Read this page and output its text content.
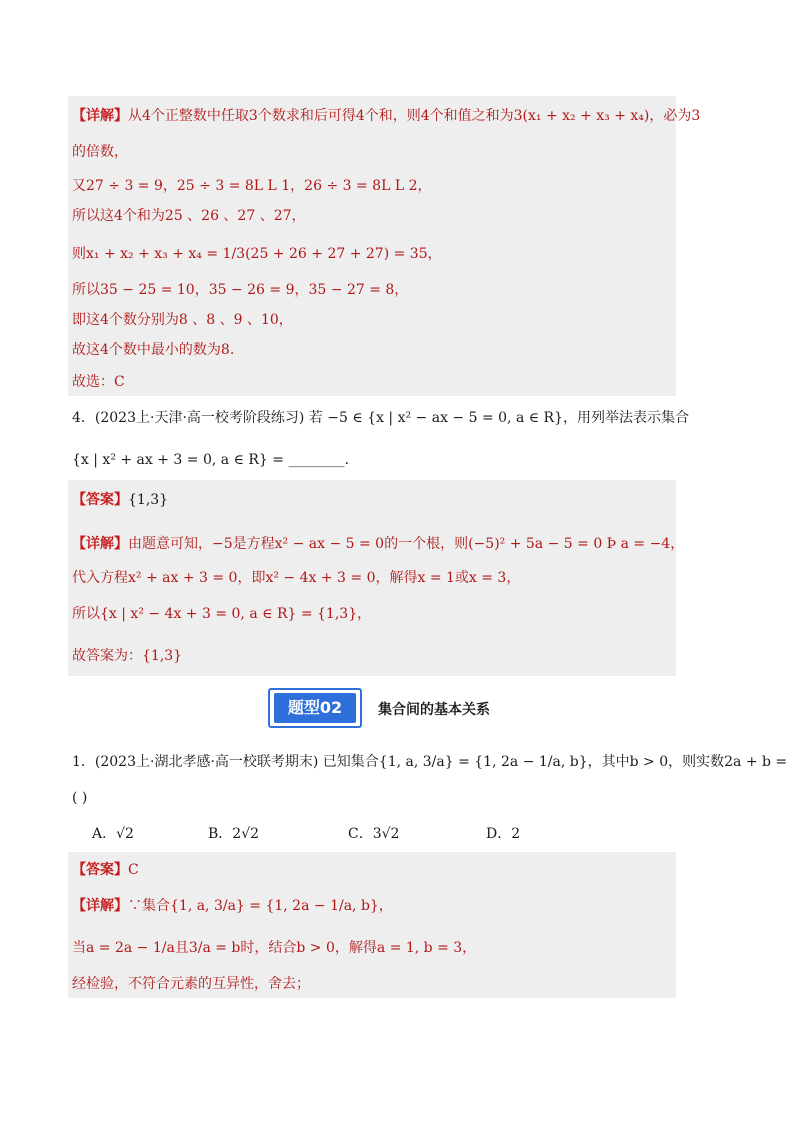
【详解】从4个正整数中任取3个数求和后可得4个和，则4个和值之和为3(x₁ + x₂ + x₃ + x₄)，必为3
的倍数，
又27 ÷ 3 = 9，25 ÷ 3 = 8L L 1，26 ÷ 3 = 8L L 2，
所以这4个和为25 、26 、27 、27，
则x₁ + x₂ + x₃ + x₄ = 1/3(25 + 26 + 27 + 27) = 35，
所以35 − 25 = 10，35 − 26 = 9，35 − 27 = 8，
即这4个数分别为8 、8 、9 、10，
故这4个数中最小的数为8.
故选：C
4．(2023上·天津·高一校考阶段练习) 若 −5 ∈ {x | x² − ax − 5 = 0, a ∈ R}，用列举法表示集合
{x | x² + ax + 3 = 0, a ∈ R} = ________.
【答案】{1,3}
【详解】由题意可知，−5是方程x² − ax − 5 = 0的一个根，则(−5)² + 5a − 5 = 0 Þ a = −4，
代入方程x² + ax + 3 = 0，即x² − 4x + 3 = 0，解得x = 1或x = 3，
所以{x | x² − 4x + 3 = 0, a ∈ R} = {1,3}，
故答案为：{1,3}
题型02	集合间的基本关系
1．(2023上·湖北孝感·高一校联考期末) 已知集合{1, a, 3/a} = {1, 2a − 1/a, b}，其中b > 0，则实数2a + b =
( )
A．√2	B．2√2	C．3√2	D．2
【答案】C
【详解】∵集合{1, a, 3/a} = {1, 2a − 1/a, b}，
当a = 2a − 1/a且3/a = b时，结合b > 0，解得a = 1, b = 3，
经检验，不符合元素的互异性，舍去；
